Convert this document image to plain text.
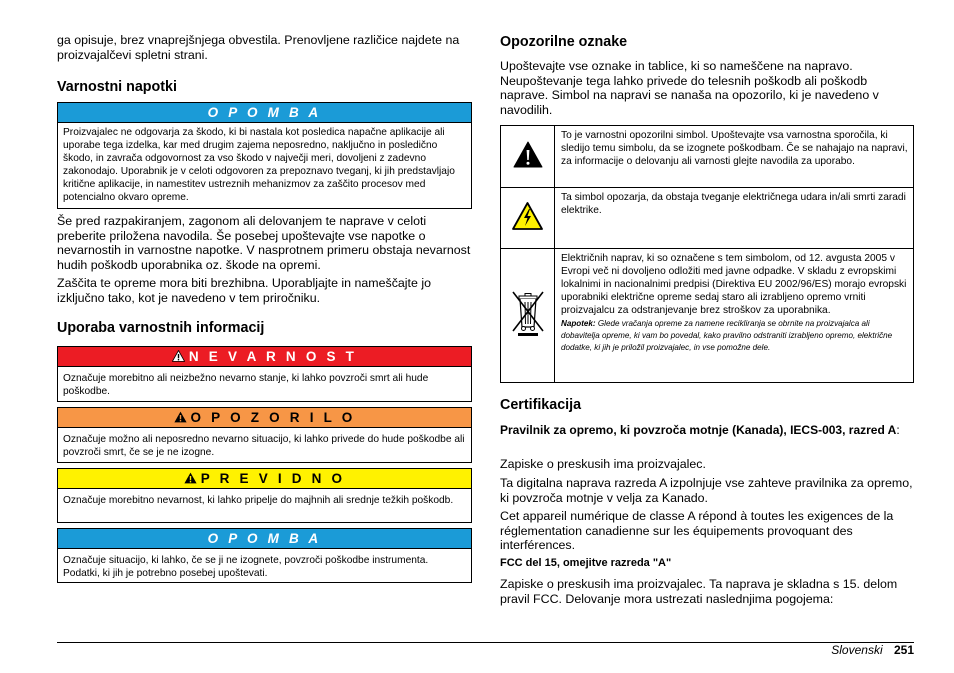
ga opisuje, brez vnaprejšnjega obvestila. Prenovljene različice najdete na proizvajalčevi spletni strani.

Varnostni napotki
O P O M B A
Proizvajalec ne odgovarja za škodo, ki bi nastala kot posledica napačne aplikacije ali uporabe tega izdelka, kar med drugim zajema neposredno, naključno in posledično škodo, in zavrača odgovornost za vso škodo v največji meri, dovoljeni z zadevno zakonodajo. Uporabnik je v celoti odgovoren za prepoznavo tveganj, ki jih predstavljajo kritične aplikacije, in namestitev ustreznih mehanizmov za zaščito procesov med potencialno okvaro opreme.

Še pred razpakiranjem, zagonom ali delovanjem te naprave v celoti preberite priložena navodila. Še posebej upoštevajte vse napotke o nevarnostih in varnostne napotke. V nasprotnem primeru obstaja nevarnost hudih poškodb uporabnika oz. škode na opremi.

Zaščita te opreme mora biti brezhibna. Uporabljajte in nameščajte jo izključno tako, kot je navedeno v tem priročniku.

Uporaba varnostnih informacij
N E V A R N O S T
Označuje morebitno ali neizbežno nevarno stanje, ki lahko povzroči smrt ali hude poškodbe.
O P O Z O R I L O
Označuje možno ali neposredno nevarno situacijo, ki lahko privede do hude poškodbe ali povzroči smrt, če se je ne izogne.
P R E V I D N O
Označuje morebitno nevarnost, ki lahko pripelje do majhnih ali srednje težkih poškodb.
O P O M B A
Označuje situacijo, ki lahko, če se ji ne izognete, povzroči poškodbe instrumenta. Podatki, ki jih je potrebno posebej upoštevati.
Opozorilne oznake

Upoštevajte vse oznake in tablice, ki so nameščene na napravo. Neupoštevanje tega lahko privede do telesnih poškodb ali poškodb naprave. Simbol na napravi se nanaša na opozorilo, ki je navedeno v navodilih.

	To je varnostni opozorilni simbol. Upoštevajte vsa varnostna sporočila, ki sledijo temu simbolu, da se izognete poškodbam. Če se nahajajo na napravi, za informacije o delovanju ali varnosti glejte navodila za uporabo.
	Ta simbol opozarja, da obstaja tveganje električnega udara in/ali smrti zaradi elektrike.

Električnih naprav, ki so označene s tem simbolom, od 12. avgusta 2005 v Evropi več ni dovoljeno odložiti med javne odpadke. V skladu z evropskimi lokalnimi in nacionalnimi predpisi (Direktiva EU 2002/96/ES) morajo evropski uporabniki električne opreme sedaj staro ali izrabljeno opremo vrniti proizvajalcu za odstranjevanje brez stroškov za uporabnika.
Napotek: Glede vračanja opreme za namene recikliranja se obrnite na proizvajalca ali dobavitelja opreme, ki vam bo povedal, kako pravilno odstraniti izrabljeno opremo, električne dodatke, ki jih je priložil proizvajalec, in vse pomožne dele.
Certifikacija

Pravilnik za opremo, ki povzroča motnje (Kanada), IECS-003, razred A:

Zapiske o preskusih ima proizvajalec.

Ta digitalna naprava razreda A izpolnjuje vse zahteve pravilnika za opremo, ki povzroča motnje v velja za Kanado.

Cet appareil numérique de classe A répond à toutes les exigences de la réglementation canadienne sur les équipements provoquant des interférences.

FCC del 15, omejitve razreda "A"

Zapiske o preskusih ima proizvajalec. Ta naprava je skladna s 15. delom pravil FCC. Delovanje mora ustrezati naslednjima pogojema:

Slovenski 251
